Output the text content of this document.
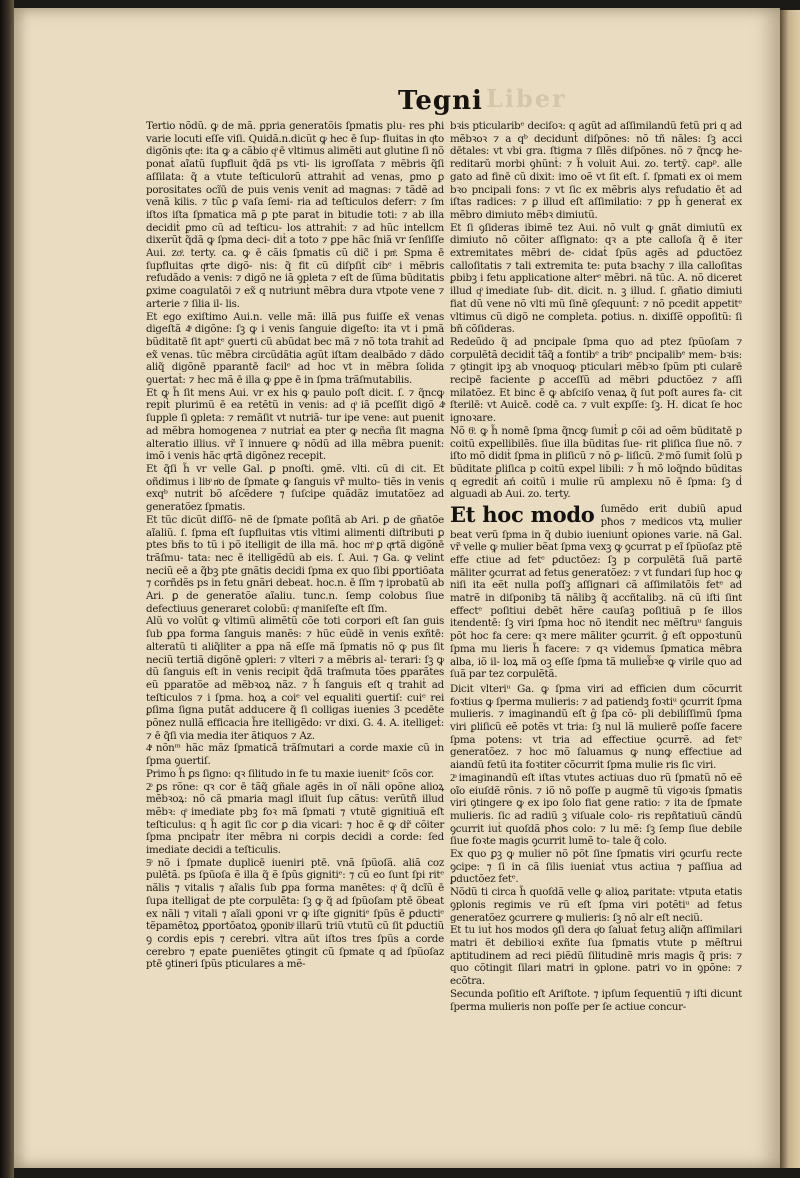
Liber
Tegni

Tertio nõdũ. ꝙ de mã. ꝑpria generatõis ſpmatis plu- res pħi varie locuti eſſe viſi. Quidã.n.dicũt ꝙ hec ē ſup- fluitas in qͦto digõnis qͣte: ita ꝙ a cãbio qͦ ē vltimus alimẽti aut glutine ſi nõ ponaṫ aĩatũ ſupfluit q̃dã ps vti- lis igroſſata ⁊ mẽbris q̃ſi aſſilata: q̃ a vtute teſticulorũ attrahiṫ ad venas, ꝑmo ꝑ porositates ocĩū de puis venis venit ad magnas: ⁊ tãdẽ ad venã kilis. ⁊ tũc ꝑ vaſa ſemi- ria ad teſticulos deferr: ⁊ ſm iſtos iſta ſpmatica mã ꝑ pte parat in bitudie toti: ⁊ ab illa decidiṫ ꝑmo cũ ad teſticu- los attrahiṫ: ⁊ ad hũc intellcm dixerũt q̃dã ꝙ ſpma deci- diṫ a toto ⁊ ꝑpe hãc ſniã vr ſenſiſſe Aui. zoͦ. terty. ca. ꝙ ē cãis ſpmatis cũ dic̃ i pnͦ. Spma ē ſupfluitas qͣrte digõ- nis: q̃ fit cũ diſpſiṫ cibᵉ i mẽbris refudãdo a venis: ⁊ digõ ne iã ꝯpleta ⁊ eſt de ſũma bũditatis ꝑxime coagulatõi ⁊ ex̃ q nutriunṫ mẽbra dura vtpote vene ⁊ arterie ⁊ ſilia il- lis.

Et ego exiſtimo Aui.n. velle mã: illã pus fuiſſe ex̃ venas digeſtã 4ͣ digõne: ſꝫ ꝙ i venis ſanguie digeſto: ita vt i pmã bũditatē ſit aptᵉ ꝯuerti cũ abũdat bec mã ⁊ nõ tota trahiṫ ad ex̃ venas. tũc mẽbra circũdãtia agũt iſtam dealbãdo ⁊ dãdo aliq̃ digõnē pparantē facilᵉ ad hoc vt in mẽbra ſolida ꝯuertaṫ: ⁊ hec mã ē illa ꝙ ꝑpe ē in ſpma trãſmutabilis.

Et ꝙ h̃ ſit mens Aui. vr ex his ꝙ paulo poſt dicit. ſ. ⁊ q̃ncꝙ repiṫ plurimũ ē ea retẽtũ in venis: ad qͦ iã pceſſit digõ 4ͣ ſupple ſi ꝯpleta: ⁊ remãſit vt nutriã- tur ipe vene: aut puenit ad mẽbra homogenea ⁊ nutriaṫ ea pter ꝙ necña ſit magna alteratio illius. vr̃ ĩ innuere ꝙ nõdũ ad illa mẽbra puenit: imõ i venis hãc qͣrtã digõnez recepit.

Et q̃ſi h̃ vr velle Gal. ꝑ pnoſti. ꝯmẽ. vlti. cũ di cit. Et oñdimus i libͦ nͦo de ſpmate ꝙ ſanguis vr̃ multo- tiẽs in venis exqᵇ nutriṫ bõ aſcẽdere ⁊ ſuſcipe quãdãz imutatõez ad generatõez ſpmatis.

Et tũc dicũt diſſõ- nẽ de ſpmate poſitã ab Ari. ꝑ de gn̄atõe aĩaliũ. ſ. ſpma eſt ſupfluitas vtis vltimi alimenti diſtributi ꝑ ptes bñs to tũ i põ itelligit de illa mã. hoc mͦ ꝑ qͣrtã digõnē trãſmu- tata: nec ē itelligẽdũ ab eis. ſ. Aui. ⁊ Ga. ꝙ velint neciũ eē a q̃bꝫ pte gnãtis decidi ſpma ex quo ſibi ꝑportiõata ⁊ corñdẽs ps in fetu gnãri debeat. hoc.n. ē ſſm ⁊ iprobatũ ab Ari. ꝑ de generatõe aĩaliu. tunc.n. ſemp colobus ſiue defectiuus generaret colobũ: qͦ maniſeſte eſt ſſm.

Alŭ vo volũt ꝙ vltimũ alimẽtũ cõe toti corpori eſt ſan guis ſub ꝑpa forma ſanguis manẽs: ⁊ hũc eũdē in venis exñtē: alteratũ ti aliq̃liter a ꝑpa nã eſſe mã ſpmatis nõ ꝙ pus ſit neciũ tertiã digõnē ꝯpleri: ⁊ vlteri ⁊ a mẽbris al- terari: ſꝫ ꝙ dũ ſanguis eſt in venis recipit q̃dã traſmuta tões ꝑparãtes eũ pparatõe ad mẽbꝛoꝝ nãz. ⁊ h̃ ſanguis eſt q trahiṫ ad teſticulos ⁊ i ſpma. hoꝝ a coiᵉ vel equaliti ꝯuertiſ: cuiᵉ rei ꝑſima ſigna putãt adducere q̃ ſi colligas iuenies 3 pcedēte põnez nullã efficacia h̃re itelligẽdo: vr dixi. G. 4. A. itelligeṫ: ⁊ ē q̃ſi via media iter ãtiquos ⁊ Az.

4ͣ nõnᵐ hãc mãz ſpmaticã trãſmutari a corde maxie cũ in ſpma ꝯuertiſ.

Primo h̃ ꝑs ſigno: qꝛ ſilitudo in fe tu maxie iuenitᵉ ſcõs cor.

2ͦ ꝑs rõne: qꝛ cor ē tãq̃ gñale agẽs in oĩ nãli opõne alioꝝ mẽbꝛoꝝ: nõ cã pmaria magl iſluit ſup cãtus: verũtñ illud mẽbꝛ: qͦ imediate pbꝫ foꝛ mã ſpmati ⁊ vtutē gignitiuã eſt teſticulus: q h̃ agit ſic cor ꝑ dia vicari: ⁊ hoc ē ꝙ dr̃ cõiter ſpma pncipaṫr iter mẽbra ni corpis decidi a corde: ſed imediate decidi a teſticulis.

5ͦ nõ i ſpmate duplicē iueniri ptē. vnã ſpũoſã. aliã coz pulẽtã. ps ſpũoſa ẽ illa q̃ ẽ ſpũs gignitiᵉ: ⁊ cũ eo ſunt ſpi ritᵉ nãlis ⁊ vitalis ⁊ aĩalis ſub ꝑpa forma manẽtes: qͦ q̃ dcĩũ ē ſupa itelligaṫ de pte corpulẽta: ſꝫ ꝙ q̃ ad ſpũoſam ptē õbeat ex nãli ⁊ vitali ⁊ aĩali ꝯponi vr ꝙ iſte gignitiᵉ ſpũs ē ꝑductiᵉ tẽpamẽtoꝝ ꝑportõatoꝝ ꝯponibͦ illarũ triũ vtutũ cũ ſit ꝑductiũ ꝯ cordis epis ⁊ cerebri. vltra aũt iſtos tres ſpũs a corde cerebro ⁊ epate ꝑueniẽtes ꝯtingit cũ ſpmate q ad ſpũoſaz ptē ꝯtineri ſpũs pticulares a mẽ-

bꝛis pticularibᵉ deciſoꝛ: q agũt ad aſſimilandũ fetũ pri q ad mẽbꝛoꝛ ⁊ a qᵇ decidunṫ diſpõnes: nõ tñ nãles: ſꝫ acci dētales: vt vbi gra. ſtigma ⁊ ſilẽs diſpõnes. nõ ⁊ q̃ncꝙ he- reditarŭ morbi ꝯhũnṫ: ⁊ h̃ voluit Aui. zo. tertȳ. capᵖ. alle gato ad finē cũ dixit: imo oẽ vt ſit eſt. ſ. ſpmati ex oi mem bꝛo pncipali fons: ⁊ vt ſic ex mẽbris alys refudatio ēt ad iſtas radices: ⁊ ꝑ illud eſt aſſimilatio: ⁊ ꝑp h̃ generaṫ ex mẽbro dimiuto mẽbꝛ dimiutũ.

Et ſi ꝯſideras ibimẽ tez Aui. nõ vult ꝙ gnãt dimiutũ ex dimiuto nõ cõiter aſſignato: qꝛ a pte calloſa q̃ ē iter extremitates mẽbri de- cidaṫ ſpũs agẽs ad ꝑductõez calloſitatis ⁊ tali extremita te: puta bꝛachy ⁊ illa calloſitas ꝑbibꝫ i fetu applicatione alterᵉ mẽbri. nã tũc. A. nõ diceret illud qͦ imediate ſub- dit. dicit. n. ꝫ illud. ſ. gñatio dimiuti fiat dũ vene nõ vlti mũ ſinē ꝯſequunṫ: ⁊ nõ pcedit appetitᵉ vltimus cũ digõ ne completa. ꝑotius. n. dixiſſẽ oppoſitũ: ſi bñ cõſideras.

Redeũdo q̃ ad pncipale ſpma quo ad ptez ſpũoſam ⁊ corpulẽtã decidiṫ tãq̃ a fontibᵉ a tribᵉ pncipalibᵉ mem- bꝛis: ⁊ ꝯtingit ipꝫ ab vnoquoꝙ pticulari mẽbꝛo ſpũm pti cularē recipē faciente ꝑ acceſſũ ad mẽbri ꝑductõez ⁊ aſſi milatõez. Et binc ē ꝙ abſciſo venaꝝ q̃ ſut poſt aures fa- cit ſterilē: vt Auicē. codē ca. ⁊ vult expſſe: ſꝫ. H. dicat ſe hoc ignoꝛare.

Nõ 6ͦ. ꝙ h̃ nomē ſpma q̃ncꝙ ſumiṫ ꝑ cõi ad oẽm bũditatē p coitũ expellibilẽs. ſiue illa bũditas ſue- rit ꝑliſica ſiue nõ. ⁊ iſto mõ didiṫ ſpma in ꝑliſicũ ⁊ nõ ꝑ- liſicũ. 2ͦ mõ ſumiṫ ſolũ p bũditate ꝑliſica p coitũ expel libili: ⁊ h̃ mõ loq̃ndo bũditas q egrediṫ ań coitũ i mulie rũ amplexu nõ ē ſpma: ſꝫ ḋ alguadi ab Aui. zo. terty.

Et hoc modo ſumẽdo erit dubiũ apud pħos ⁊ medicos vtꝝ mulier beat verũ ſpma in q̃ dubio iueniunṫ opiones varie. nã Gal. vr̃ velle ꝙ mulier bẽat ſpma vexꝫ ꝙ ꝯcurrat p eĩ ſpũoſaz ptẽ effe ctiue ad fetᵉ ꝑductõez: ſꝫ p corpulẽtã ſuã partẽ mãliter ꝯcurrat ad fetus generatõez: ⁊ vt fundari ſup hoc ꝙ niſi ita eẽt nulla poſſꝫ aſſignari cã aſſimilatõis fetᵉ ad matrẽ in diſponibꝫ tã nãlibꝫ q̃ accñtalibꝫ. nã cũ iſti ſint effectᵉ poſitiui debẽt hẽre cauſaꝫ poſitiuã p ſe illos itendentē: ſꝫ viri ſpma hoc nõ itendit nec mẽſtruᵘ ſanguis põt hoc fa cere: qꝛ mere mãliter ꝯcurrit. ĝ eſt oppoꝛtunũ ſpma mu lieris h̃ facere: ⁊ qꝛ videmus ſpmatica mẽbra alba, iõ il- loꝝ mã oꝫ eſſe ſpma tã mulieb̃ꝛe ꝙ virile quo ad ſuã par tez corpulẽtã.

Dicit vlteriᵘ Ga. ꝙ ſpma viri ad efficien dum cõcurrit foꝛtius ꝙ ſperma mulieris: ⁊ ad patiendꝫ foꝛtiᵘ ꝯcurrit ſpma mulieris. ⁊ imaginandũ eſt ĝ ſpa cõ- pli debiliſſimũ ſpma viri ꝑliſicũ eẽ potẽs vt tria: ſꝫ nul lã mulierē poſſe facere ſpma potens: vt tria ad effectiue ꝯcurrẽ. ad fetᵉ generatõez. ⁊ hoc mõ ſaluamus ꝙ nunꝙ effectiue ad aiandũ fetũ ita foꝛtiter cõcurrit ſpma mulie ris ſic viri.

2ͦ imaginandũ eſt iſtas vtutes actiuas duo rũ ſpmatũ nõ eẽ oĩo eiuſdẽ rõnis. ⁊ iõ nõ poſſe p augmẽ tũ vigoꝛis ſpmatis viri ꝯtingere ꝙ ex ipo ſolo fiat gene ratio: ⁊ ita de ſpmate mulieris. ſic ad radiũ ꝫ viſuale colo- ris repñtatiuũ cãndũ ꝯcurrit iuṫ quoſdã pħos colo: ⁊ lu mẽ: ſꝫ ſemp ſiue debile ſiue foꝛte magis ꝯcurrit lumẽ to- tale q̃ colo.

Ex quo ꝑꝫ ꝙ mulier nõ põt ſine ſpmatis viri ꝯcurſu recte ꝯcipe: ⁊ ſi in cã ſilis iueniaṫ vtus actiua ⁊ paſſiua ad ꝑductõez fetᵉ.

Nõdũ ti circa h̃ quoſdã velle ꝙ alioꝝ paritate: vtputa etatis ꝯplonis regimis ve rũ eſt ſpma viri potẽtiᵘ ad fetus generatõez ꝯcurrere ꝙ mulieris: ſꝫ nõ alr eſt neciũ.

Et tu iuṫ hos modos ꝯſi dera qͦo ſaluaṫ fetuꝫ aliq̃n aſſimilari matri ẽt debilioꝛi exñte ſua ſpmatis vtute p mẽſtrui aptitudinem ad reci piẽdũ ſilitudinẽ mris magis q̃ pris: ⁊ quo cõtingit ſilari matri in ꝯplone. patri vo in ꝯpõne: ⁊ ecõtra.

Secunda poſitio eſt Ariſtote. ⁊ ipſum ſequentiũ ⁊ iſti dicunt ſperma mulieris non poſſe per ſe actiue concur-
